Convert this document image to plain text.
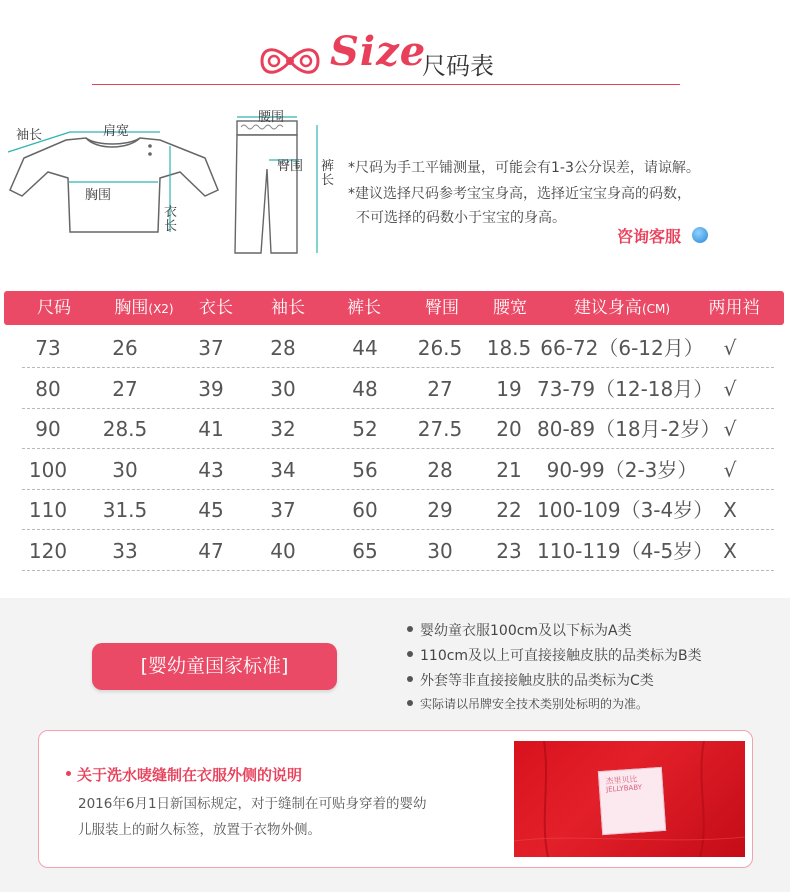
Size
尺码表
袖长	肩宽
胸围
衣长
腰围
臀围 裤长
*尺码为手工平铺测量，可能会有1-3公分误差，请谅解。
*建议选择尺码参考宝宝身高，选择近宝宝身高的码数，
不可选择的码数小于宝宝的身高。
咨询客服
尺码	胸围(X2)	衣长	袖长	裤长	臀围	腰宽	建议身高(CM)	两用裆
73	26	37	28	44	26.5	18.5 66-72（6-12月） √
80	27	39	30	48	27	19 73-79（12-18月） √
90	28.5	41	32	52	27.5	20 80-89（18月-2岁） √
100	30	43	34	56	28	21	90-99（2-3岁）	√
110	31.5	45	37	60	29	22 100-109（3-4岁） X
120	33	47	40	65	30	23 110-119（4-5岁） X
[婴幼童国家标准]
婴幼童衣服100cm及以下标为A类
110cm及以上可直接接触皮肤的品类标为B类
外套等非直接接触皮肤的品类标为C类
实际请以吊牌安全技术类别处标明的为准。
关于洗水唛缝制在衣服外侧的说明
2016年6月1日新国标规定，对于缝制在可贴身穿着的婴幼
儿服装上的耐久标签，放置于衣物外侧。
杰里贝比
JELLYBABY
